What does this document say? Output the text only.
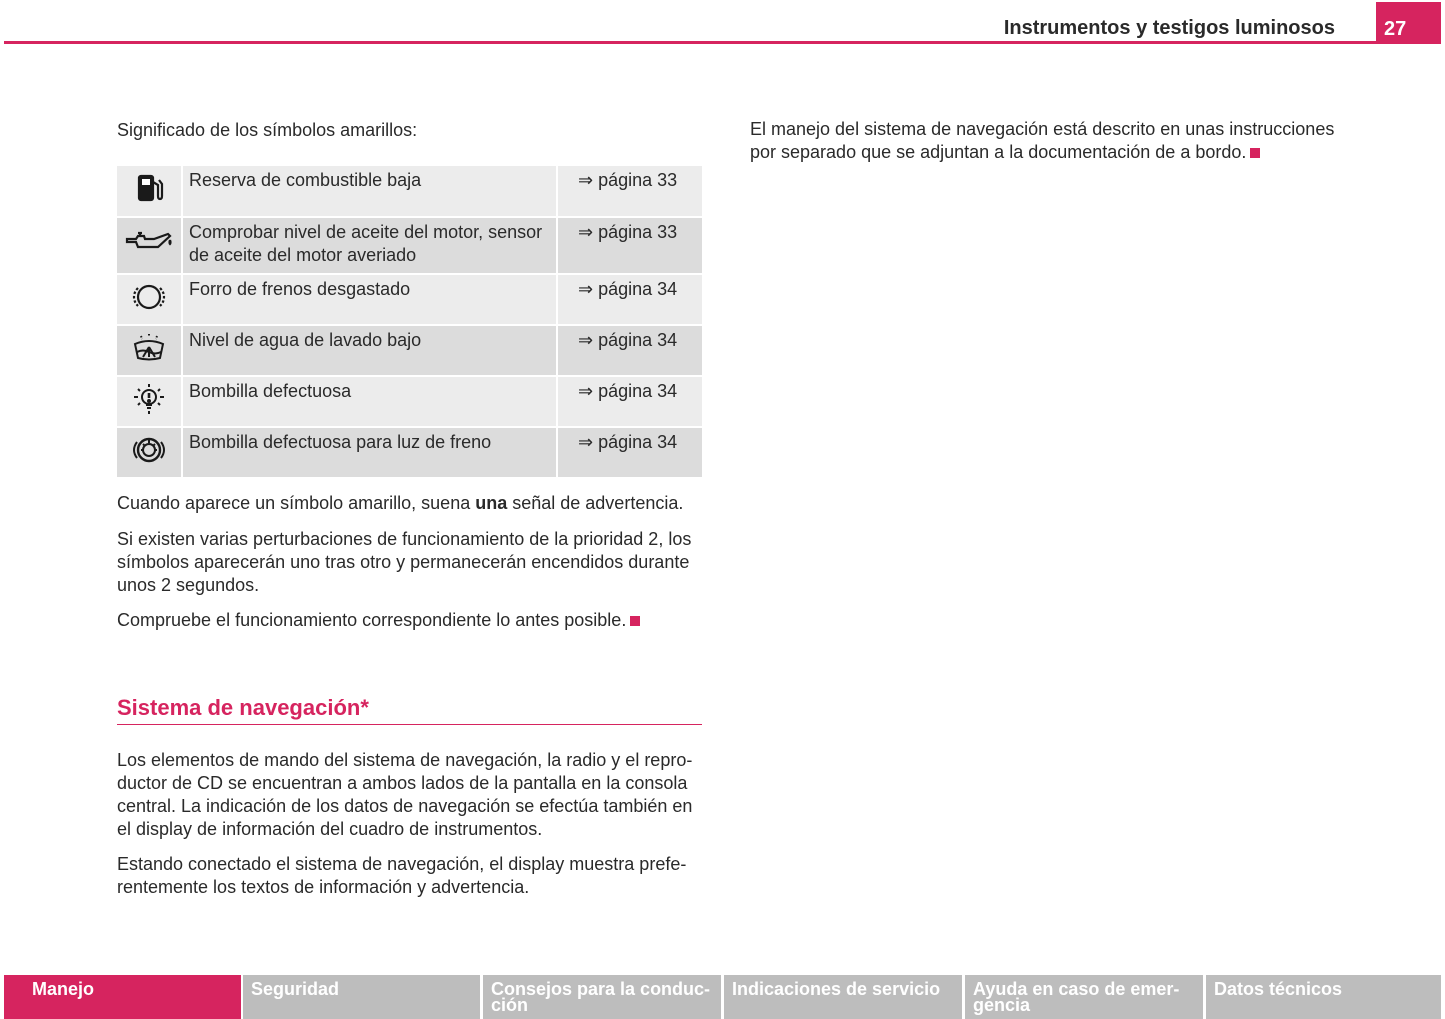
Instrumentos y testigos luminosos	27

Significado de los símbolos amarillos:

	Reserva de combustible baja	⇒ página 33

	Comprobar nivel de aceite del motor, sensor de aceite del motor averiado	⇒ página 33

	Forro de frenos desgastado	⇒ página 34

	Nivel de agua de lavado bajo	⇒ página 34

	Bombilla defectuosa	⇒ página 34

	Bombilla defectuosa para luz de freno	⇒ página 34

Cuando aparece un símbolo amarillo, suena una señal de advertencia.

Si existen varias perturbaciones de funcionamiento de la prioridad 2, los símbolos aparecerán uno tras otro y permanecerán encendidos durante unos 2 segundos.

Compruebe el funcionamiento correspondiente lo antes posible.

Sistema de navegación*

Los elementos de mando del sistema de navegación, la radio y el repro-ductor de CD se encuentran a ambos lados de la pantalla en la consola central. La indicación de los datos de navegación se efectúa también en el display de información del cuadro de instrumentos.

Estando conectado el sistema de navegación, el display muestra prefe-rentemente los textos de información y advertencia.

El manejo del sistema de navegación está descrito en unas instrucciones por separado que se adjuntan a la documentación de a bordo.

Manejo	Seguridad	Consejos para la conduc-ción
Indicaciones de servicio	Ayuda en caso de emer-gencia
Datos técnicos
